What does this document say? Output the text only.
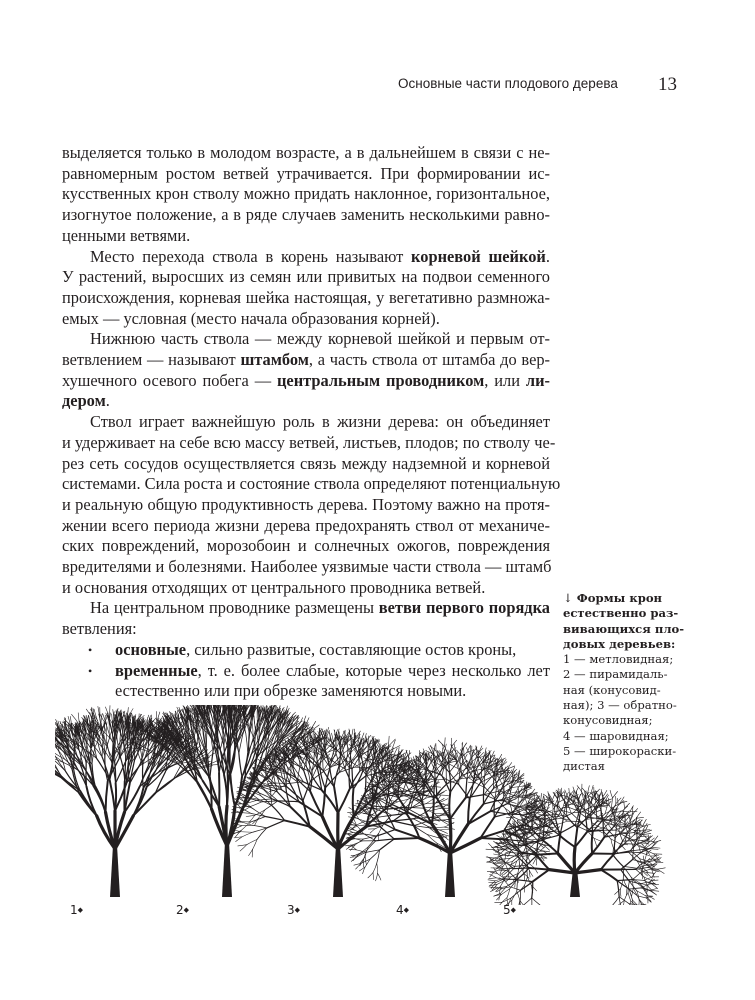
Основные части плодового дерева 13
выделяется только в молодом возрасте, а в дальнейшем в связи с не-
равномерным ростом ветвей утрачивается. При формировании ис-
кусственных крон стволу можно придать наклонное, горизонтальное,
изогнутое положение, а в ряде случаев заменить несколькими равно-
ценными ветвями.
Место перехода ствола в корень называют корневой шейкой.
У растений, выросших из семян или привитых на подвои семенного
происхождения, корневая шейка настоящая, у вегетативно размножа-
емых — условная (место начала образования корней).
Нижнюю часть ствола — между корневой шейкой и первым от-
ветвлением — называют штамбом, а часть ствола от штамба до вер-
хушечного осевого побега — центральным проводником, или ли-
дером.
Ствол играет важнейшую роль в жизни дерева: он объединяет
и удерживает на себе всю массу ветвей, листьев, плодов; по стволу че-
рез сеть сосудов осуществляется связь между надземной и корневой
системами. Сила роста и состояние ствола определяют потенциальную
и реальную общую продуктивность дерева. Поэтому важно на протя-
жении всего периода жизни дерева предохранять ствол от механиче-
ских повреждений, морозобоин и солнечных ожогов, повреждения
вредителями и болезнями. Наиболее уязвимые части ствола — штамб
и основания отходящих от центрального проводника ветвей.
На центральном проводнике размещены ветви первого порядка
ветвления:
• основные, сильно развитые, составляющие остов кроны,
• временные, т. е. более слабые, которые через несколько лет
естественно или при обрезке заменяются новыми.
↓ Формы крон
естественно раз-
вивающихся пло-
довых деревьев:
1 — метловидная;
2 — пирамидаль-
ная (конусовид-
ная); 3 — обратно-
конусовидная;
4 — шаровидная;
5 — широкораски-
дистая
1◆	2◆	3◆	4◆	5◆
